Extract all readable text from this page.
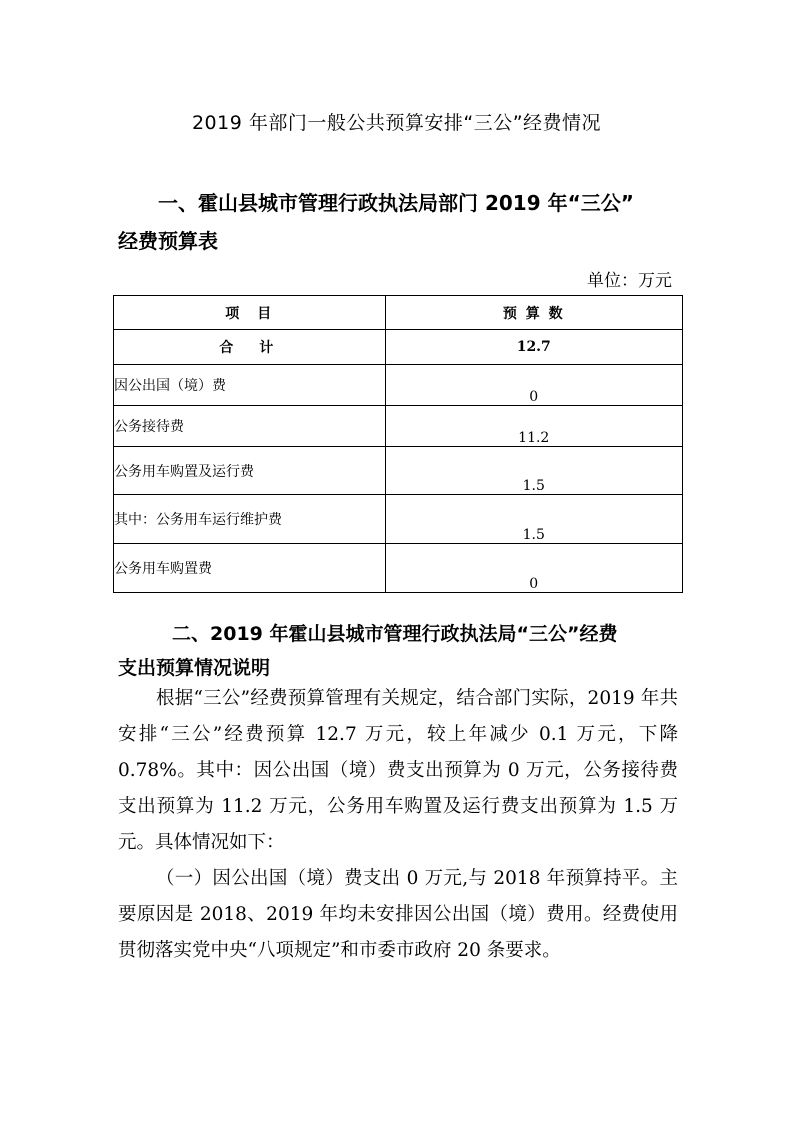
2019 年部门一般公共预算安排“三公”经费情况
一、霍山县城市管理行政执法局部门 2019 年“三公”
经费预算表
单位：万元
项　目	预 算 数
合　计	12.7
因公出国（境）费	0
公务接待费	11.2
公务用车购置及运行费	1.5
其中：公务用车运行维护费	1.5
公务用车购置费	0
二、2019 年霍山县城市管理行政执法局“三公”经费
支出预算情况说明

根据“三公”经费预算管理有关规定，结合部门实际，2019 年共安排“三公”经费预算 12.7 万元，较上年减少 0.1 万元，下降 0.78%。其中：因公出国（境）费支出预算为 0 万元，公务接待费支出预算为 11.2 万元，公务用车购置及运行费支出预算为 1.5 万元。具体情况如下：

（一）因公出国（境）费支出 0 万元,与 2018 年预算持平。主要原因是 2018、2019 年均未安排因公出国（境）费用。经费使用贯彻落实党中央“八项规定”和市委市政府 20 条要求。
